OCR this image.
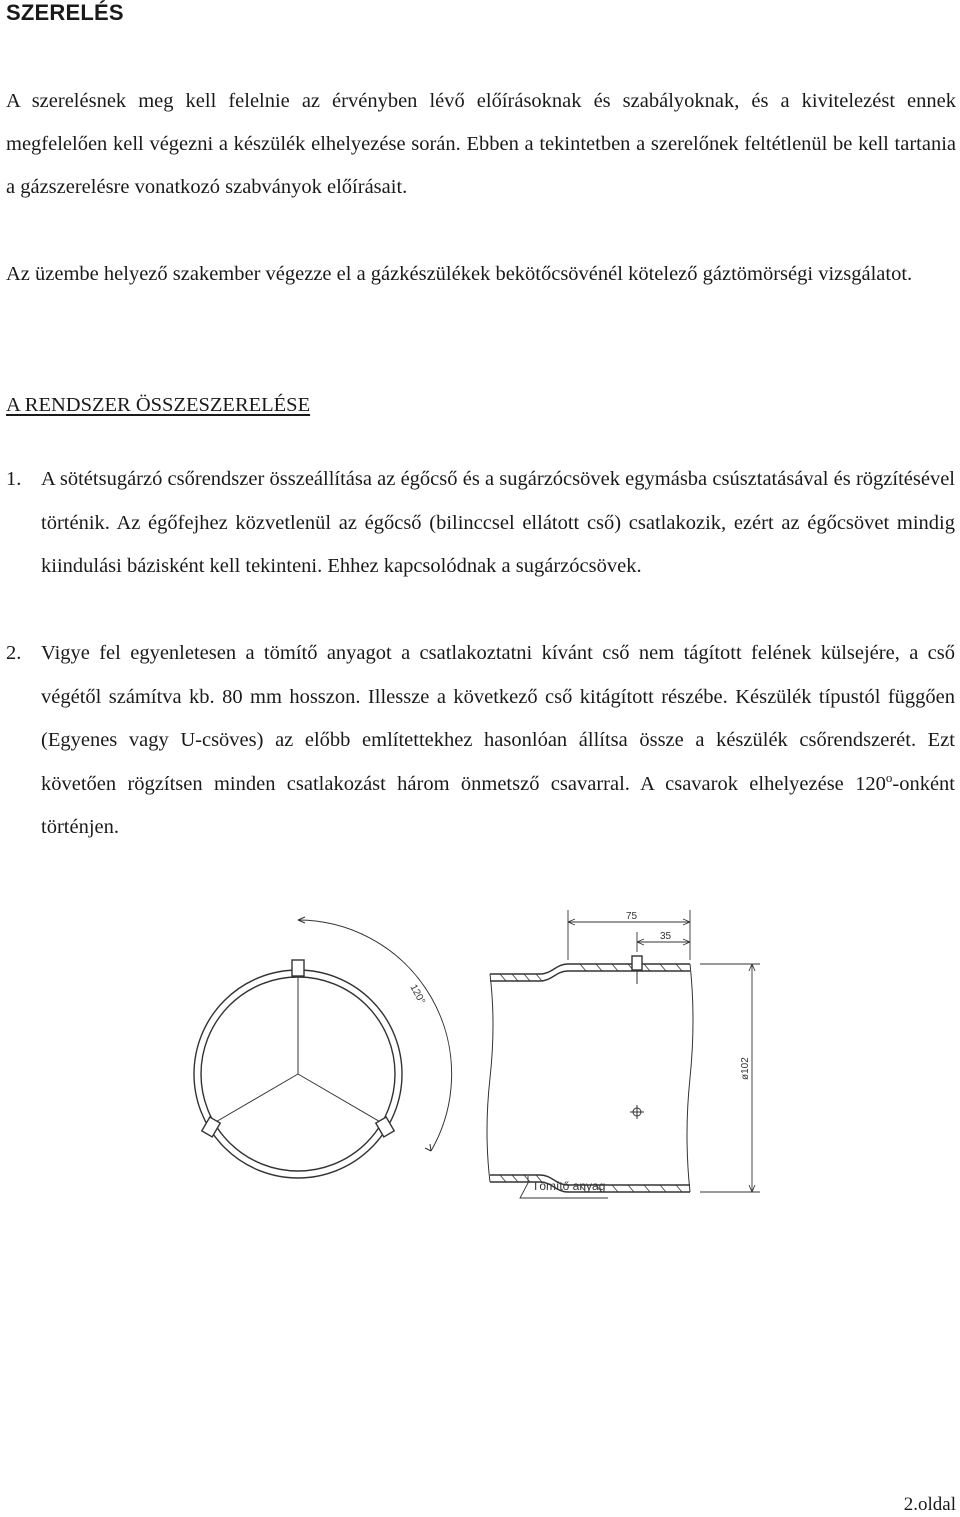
SZERELÉS

A szerelésnek meg kell felelnie az érvényben lévő előírásoknak és szabályoknak, és a kivitelezést ennek megfelelően kell végezni a készülék elhelyezése során. Ebben a tekintetben a szerelőnek feltétlenül be kell tartania a gázszerelésre vonatkozó szabványok előírásait.

Az üzembe helyező szakember végezze el a gázkészülékek bekötőcsövénél kötelező gáztömörségi vizsgálatot.

A RENDSZER ÖSSZESZERELÉSE

1. A sötétsugárzó csőrendszer összeállítása az égőcső és a sugárzócsövek egymásba csúsztatásával és rögzítésével történik. Az égőfejhez közvetlenül az égőcső (bilinccsel ellátott cső) csatlakozik, ezért az égőcsövet mindig kiindulási bázisként kell tekinteni. Ehhez kapcsolódnak a sugárzócsövek.

2. Vigye fel egyenletesen a tömítő anyagot a csatlakoztatni kívánt cső nem tágított felének külsejére, a cső végétől számítva kb. 80 mm hosszon. Illessze a következő cső kitágított részébe. Készülék típustól függően (Egyenes vagy U-csöves) az előbb említettekhez hasonlóan állítsa össze a készülék csőrendszerét. Ezt követően rögzítsen minden csatlakozást három önmetsző csavarral. A csavarok elhelyezése 120$^o$-onként történjen.

120°
75
35
ø102
Tömítő anyag

2.oldal
